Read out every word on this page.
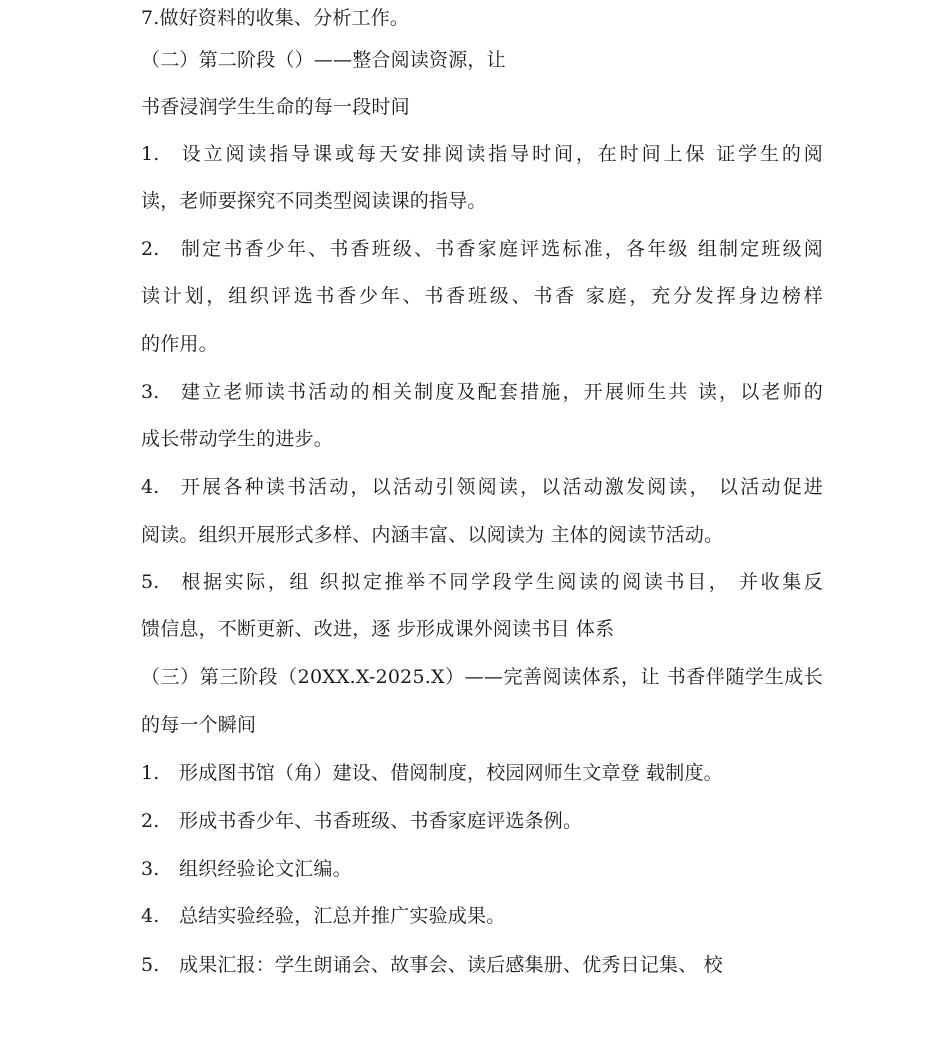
7.做好资料的收集、分析工作。
（二）第二阶段（）——整合阅读资源，让
书香浸润学生生命的每一段时间
1. 设立阅读指导课或每天安排阅读指导时间，在时间上保 证学生的阅
读，老师要探究不同类型阅读课的指导。
2. 制定书香少年、书香班级、书香家庭评选标准，各年级 组制定班级阅
读计划，组织评选书香少年、书香班级、书香 家庭，充分发挥身边榜样
的作用。
3. 建立老师读书活动的相关制度及配套措施，开展师生共 读，以老师的
成长带动学生的进步。
4. 开展各种读书活动，以活动引领阅读，以活动激发阅读， 以活动促进
阅读。组织开展形式多样、内涵丰富、以阅读为 主体的阅读节活动。
5. 根据实际，组 织拟定推举不同学段学生阅读的阅读书目， 并收集反
馈信息，不断更新、改进，逐 步形成课外阅读书目 体系
（三）第三阶段（20XX.X-2025.X）——完善阅读体系，让 书香伴随学生成长
的每一个瞬间
1. 形成图书馆（角）建设、借阅制度，校园网师生文章登 载制度。
2. 形成书香少年、书香班级、书香家庭评选条例。
3. 组织经验论文汇编。
4. 总结实验经验，汇总并推广实验成果。
5. 成果汇报：学生朗诵会、故事会、读后感集册、优秀日记集、 校
